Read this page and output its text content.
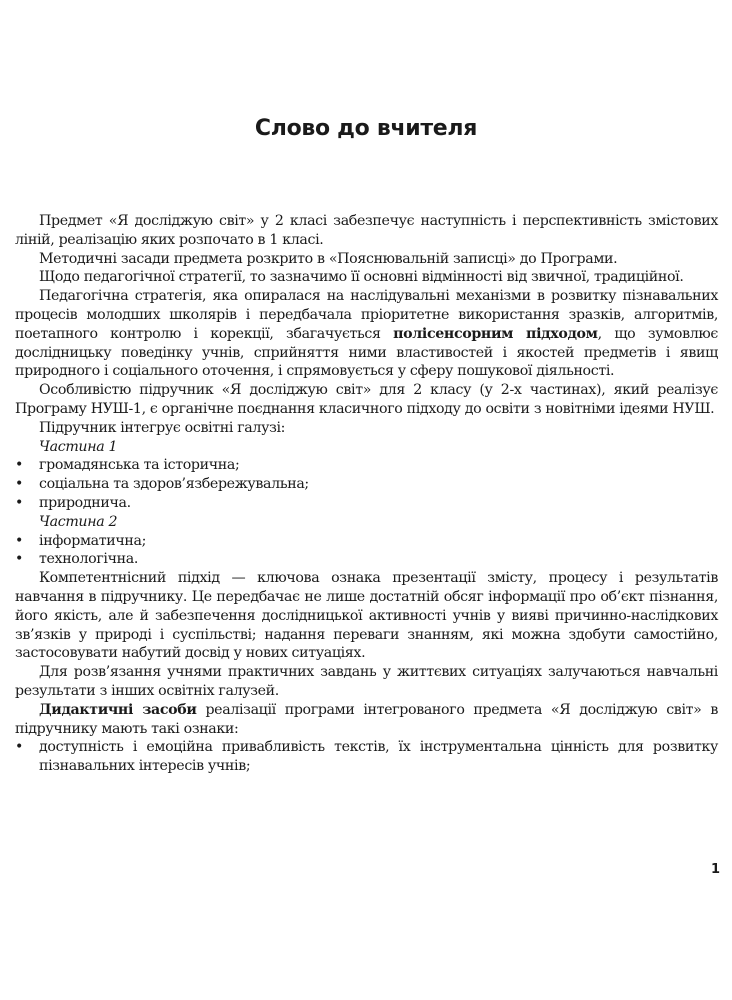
Слово до вчителя

Предмет «Я досліджую світ» у 2 класі забезпечує наступність і перспективність змістових ліній, реалізацію яких розпочато в 1 класі.

Методичні засади предмета розкрито в «Пояснювальній записці» до Програми.

Щодо педагогічної стратегії, то зазначимо її основні відмінності від звичної, традиційної.

Педагогічна стратегія, яка опиралася на наслідувальні механізми в розвитку пізнавальних процесів молодших школярів і передбачала пріоритетне використання зразків, алгоритмів, поетапного контролю і корекції, збагачується полісенсорним підходом, що зумовлює дослідницьку поведінку учнів, сприйняття ними властивостей і якостей предметів і явищ природного і соціального оточення, і спрямовується у сферу пошукової діяльності.

Особливістю підручник «Я досліджую світ» для 2 класу (у 2-х частинах), який реалізує Програму НУШ-1, є органічне поєднання класичного підходу до освіти з новітніми ідеями НУШ.

Підручник інтегрує освітні галузі:

Частина 1

• громадянська та історична;
• соціальна та здоров’язбережувальна;
• природнича.

Частина 2

• інформатична;
• технологічна.

Компетентнісний підхід — ключова ознака презентації змісту, процесу і результатів навчання в підручнику. Це передбачає не лише достатній обсяг інформації про об’єкт пізнання, його якість, але й забезпечення дослідницької активності учнів у виявi причинно-наслідкових зв’язків у природі і суспільстві; надання переваги знанням, які можна здобути самостійно, застосовувати набутий досвід у нових ситуаціях.

Для розв’язання учнями практичних завдань у життєвих ситуаціях залучаються навчальні результати з інших освітніх галузей.

Дидактичні засоби реалізації програми інтегрованого предмета «Я досліджую світ» в підручнику мають такі ознаки:

• доступність і емоційна привабливість текстів, їх інструментальна цінність для розвитку пізнавальних інтересів учнів;
1
